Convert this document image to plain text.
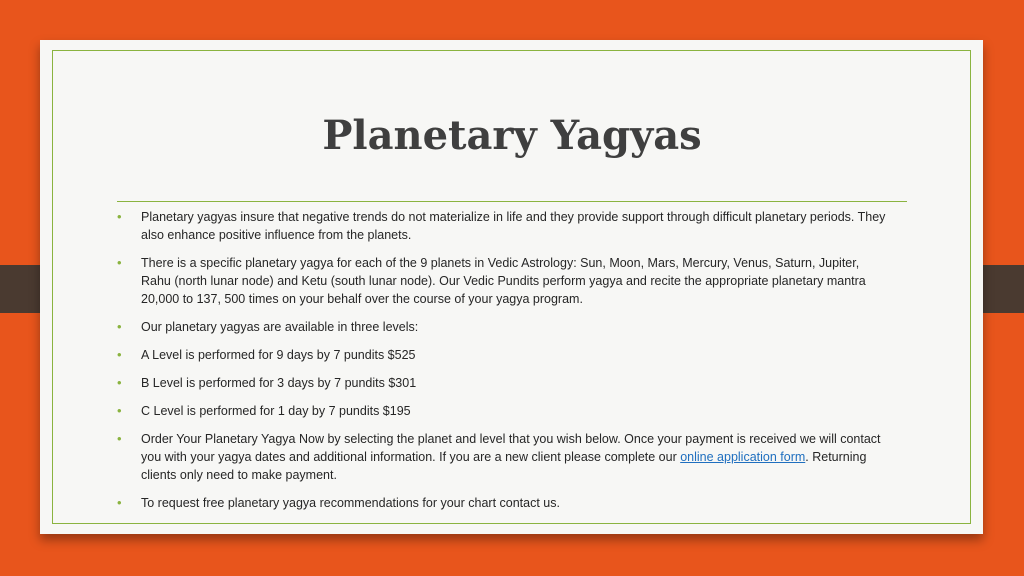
Planetary Yagyas
• Planetary yagyas insure that negative trends do not materialize in life and they provide support through difficult planetary periods. They also enhance positive influence from the planets.
• There is a specific planetary yagya for each of the 9 planets in Vedic Astrology: Sun, Moon, Mars, Mercury, Venus, Saturn, Jupiter, Rahu (north lunar node) and Ketu (south lunar node). Our Vedic Pundits perform yagya and recite the appropriate planetary mantra 20,000 to 137, 500 times on your behalf over the course of your yagya program.
• Our planetary yagyas are available in three levels:
• A Level is performed for 9 days by 7 pundits $525
• B Level is performed for 3 days by 7 pundits $301
• C Level is performed for 1 day by 7 pundits $195
• Order Your Planetary Yagya Now by selecting the planet and level that you wish below. Once your payment is received we will contact you with your yagya dates and additional information. If you are a new client please complete our online application form. Returning clients only need to make payment.
• To request free planetary yagya recommendations for your chart contact us.
